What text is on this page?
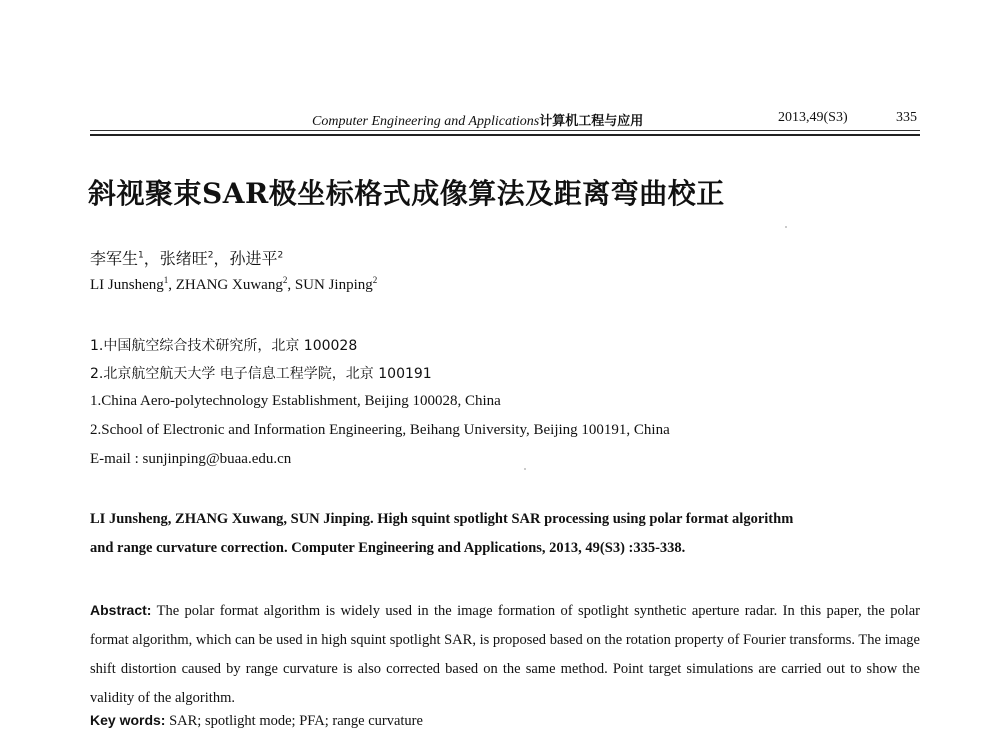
Computer Engineering and Applications计算机工程与应用	2013,49(S3)	335
斜视聚束SAR极坐标格式成像算法及距离弯曲校正
李军生$^1$，张绪旺$^2$，孙进平$^2$
LI Junsheng$^1$, ZHANG Xuwang$^2$, SUN Jinping$^2$
1.中国航空综合技术研究所，北京 100028
2.北京航空航天大学 电子信息工程学院，北京 100191
1.China Aero-polytechnology Establishment, Beijing 100028, China
2.School of Electronic and Information Engineering, Beihang University, Beijing 100191, China
E-mail : sunjinping@buaa.edu.cn
LI Junsheng, ZHANG Xuwang, SUN Jinping. High squint spotlight SAR processing using polar format algorithm
and range curvature correction. Computer Engineering and Applications, 2013, 49(S3) :335-338.
Abstract: The polar format algorithm is widely used in the image formation of spotlight synthetic aperture radar. In this paper, the polar format algorithm, which can be used in high squint spotlight SAR, is proposed based on the rotation property of Fourier transforms. The image shift distortion caused by range curvature is also corrected based on the same method. Point target simulations are carried out to show the validity of the algorithm.
Key words: SAR; spotlight mode; PFA; range curvature
